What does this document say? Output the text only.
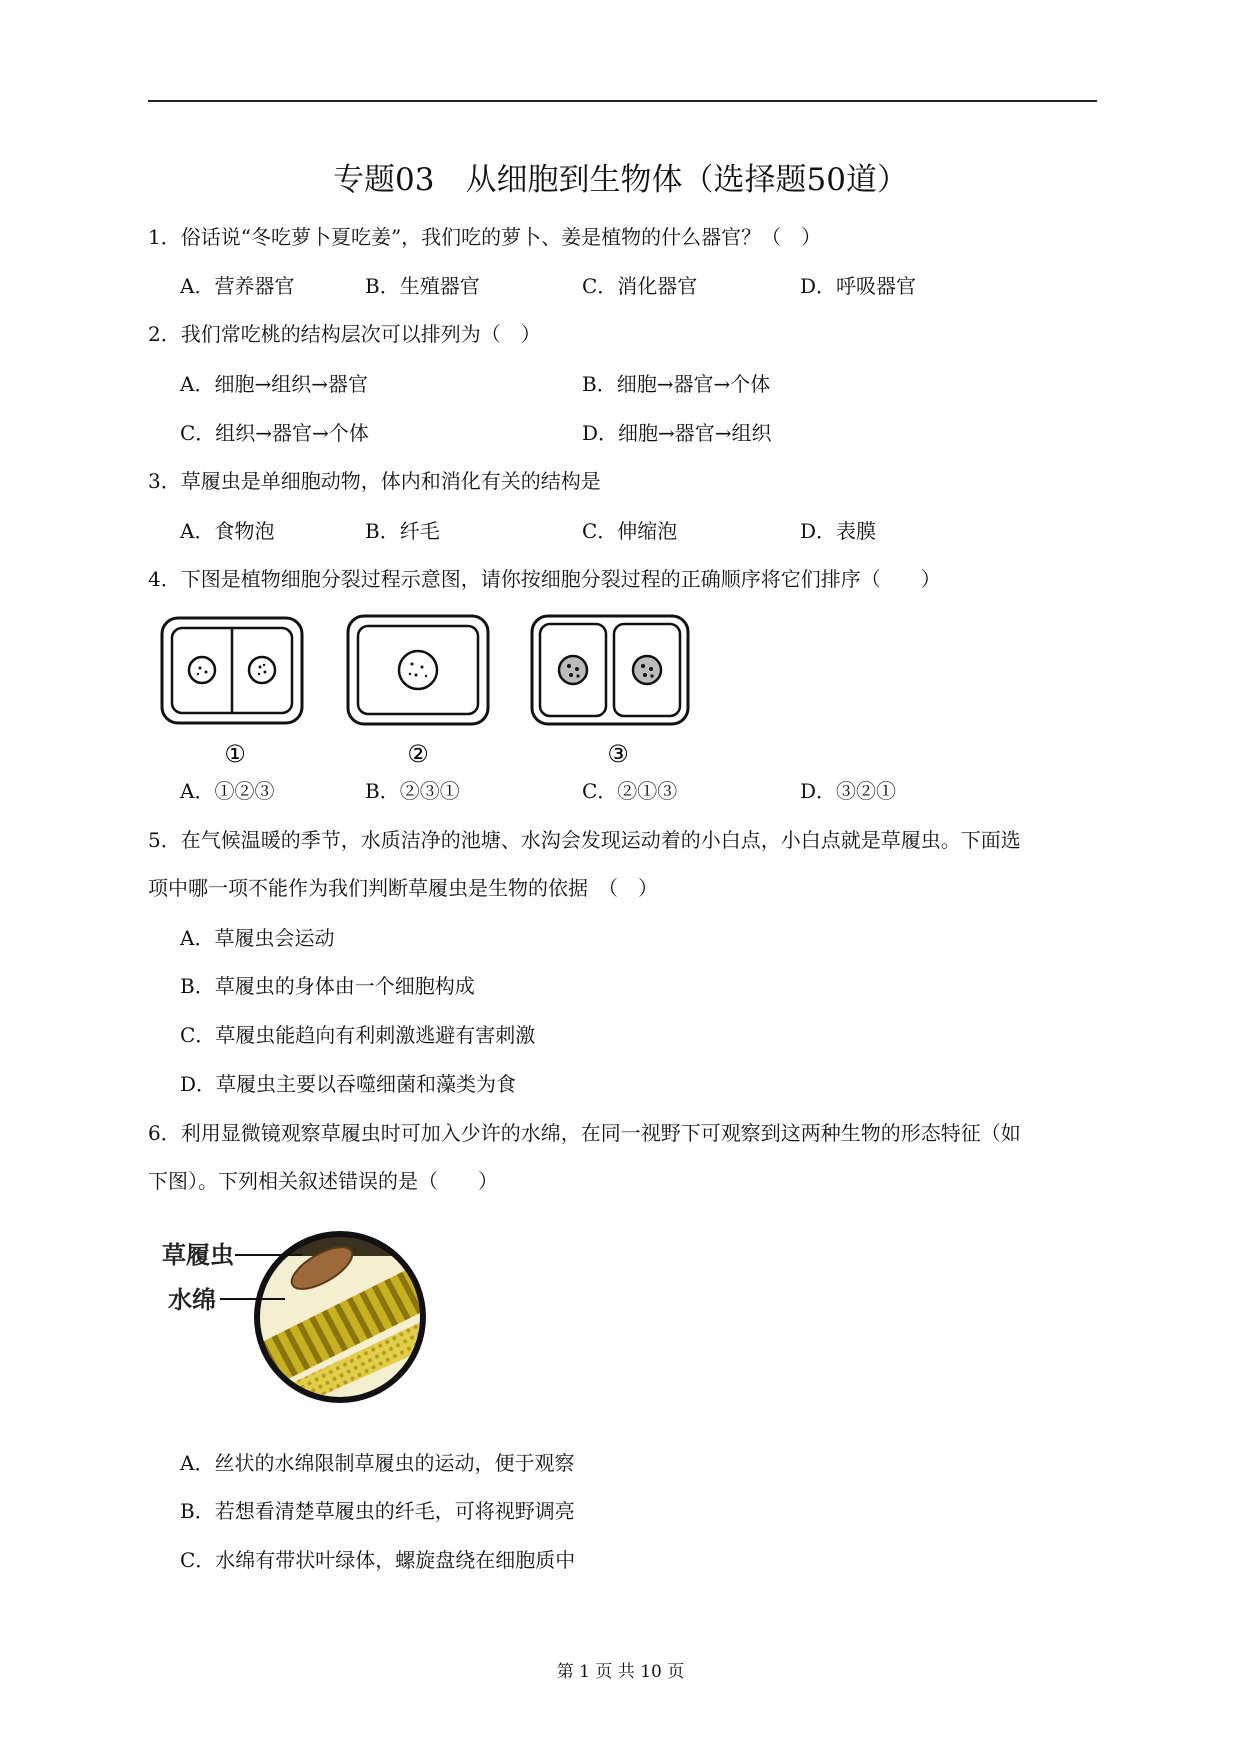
专题03　从细胞到生物体（选择题50道）
1．俗话说“冬吃萝卜夏吃姜”，我们吃的萝卜、姜是植物的什么器官？（　）
A．营养器官	B．生殖器官	C．消化器官	D．呼吸器官
2．我们常吃桃的结构层次可以排列为（　）
A．细胞→组织→器官	B．细胞→器官→个体
C．组织→器官→个体	D．细胞→器官→组织
3．草履虫是单细胞动物，体内和消化有关的结构是
A．食物泡	B．纤毛	C．伸缩泡	D．表膜
4．下图是植物细胞分裂过程示意图，请你按细胞分裂过程的正确顺序将它们排序（　　）
①	②	③
A．①②③	B．②③①	C．②①③	D．③②①
5．在气候温暖的季节，水质洁净的池塘、水沟会发现运动着的小白点，小白点就是草履虫。下面选
项中哪一项不能作为我们判断草履虫是生物的依据　（　）
A．草履虫会运动
B．草履虫的身体由一个细胞构成
C．草履虫能趋向有利刺激逃避有害刺激
D．草履虫主要以吞噬细菌和藻类为食
6．利用显微镜观察草履虫时可加入少许的水绵，在同一视野下可观察到这两种生物的形态特征（如
下图）。下列相关叙述错误的是（　　）
草履虫
水绵
A．丝状的水绵限制草履虫的运动，便于观察
B．若想看清楚草履虫的纤毛，可将视野调亮
C．水绵有带状叶绿体，螺旋盘绕在细胞质中
第 1 页 共 10 页
